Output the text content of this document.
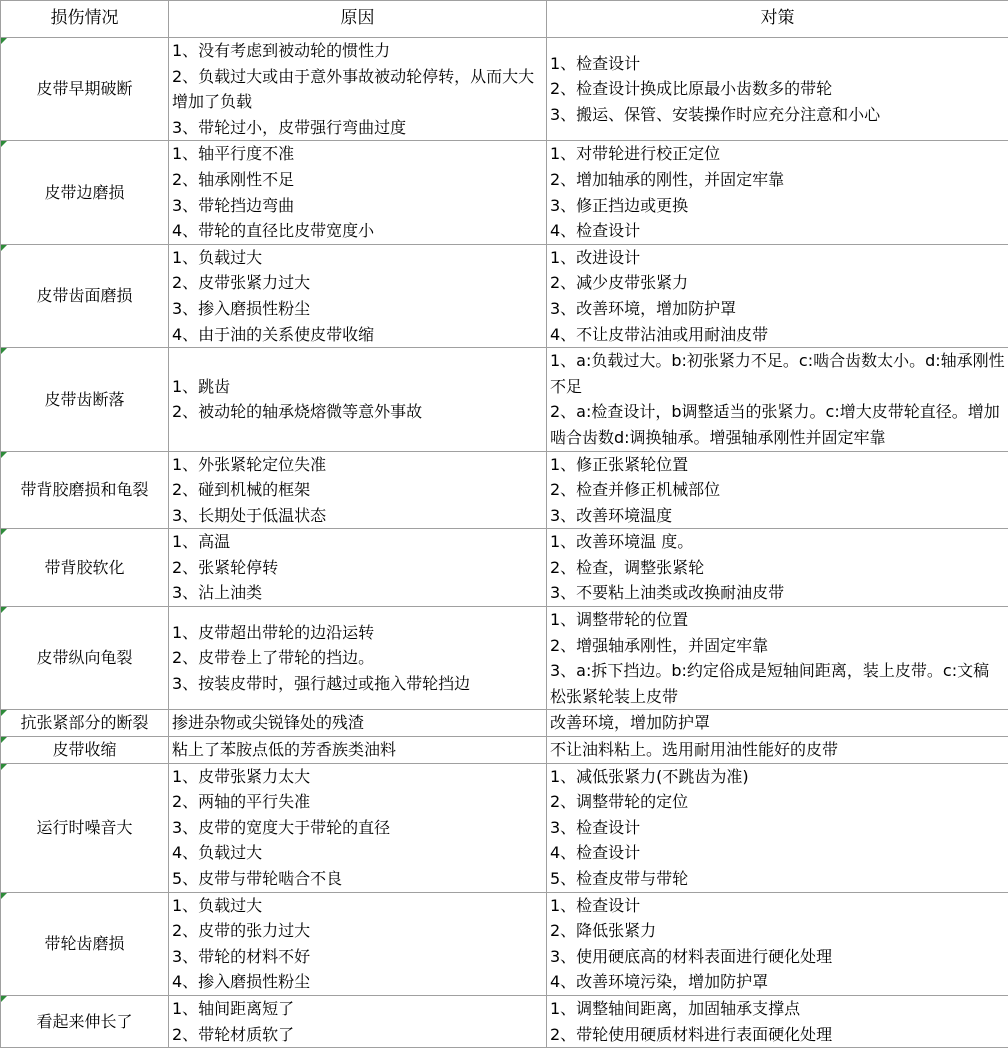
损伤情况	原因	对策
皮带早期破断	1、没有考虑到被动轮的惯性力
2、负载过大或由于意外事故被动轮停转，从而大大增加了负载
3、带轮过小，皮带强行弯曲过度	1、检查设计
2、检查设计换成比原最小齿数多的带轮
3、搬运、保管、安装操作时应充分注意和小心

皮带边磨损	1、轴平行度不准
2、轴承刚性不足
3、带轮挡边弯曲
4、带轮的直径比皮带宽度小	1、对带轮进行校正定位
2、增加轴承的刚性，并固定牢靠
3、修正挡边或更换
4、检查设计

皮带齿面磨损	1、负载过大
2、皮带张紧力过大
3、掺入磨损性粉尘
4、由于油的关系使皮带收缩	1、改进设计
2、减少皮带张紧力
3、改善环境，增加防护罩
4、不让皮带沾油或用耐油皮带

皮带齿断落	1、跳齿
2、被动轮的轴承烧熔微等意外事故	1、a:负载过大。b:初张紧力不足。c:啮合齿数太小。d:轴承刚性不足
2、a:检查设计，b调整适当的张紧力。c:增大皮带轮直径。增加啮合齿数d:调换轴承。增强轴承刚性并固定牢靠

带背胶磨损和龟裂	1、外张紧轮定位失准
2、碰到机械的框架
3、长期处于低温状态	1、修正张紧轮位置
2、检查并修正机械部位
3、改善环境温度

带背胶软化	1、高温
2、张紧轮停转
3、沾上油类	1、改善环境温 度。
2、检查，调整张紧轮
3、不要粘上油类或改换耐油皮带

皮带纵向龟裂	1、皮带超出带轮的边沿运转
2、皮带卷上了带轮的挡边。
3、按装皮带时，强行越过或拖入带轮挡边	1、调整带轮的位置
2、增强轴承刚性，并固定牢靠
3、a:拆下挡边。b:约定俗成是短轴间距离，装上皮带。c:文稿松张紧轮装上皮带

抗张紧部分的断裂	掺进杂物或尖锐锋处的残渣	改善环境，增加防护罩

皮带收缩	粘上了苯胺点低的芳香族类油料	不让油料粘上。选用耐用油性能好的皮带

运行时噪音大	1、皮带张紧力太大
2、两轴的平行失准
3、皮带的宽度大于带轮的直径
4、负载过大
5、皮带与带轮啮合不良	1、减低张紧力(不跳齿为准)
2、调整带轮的定位
3、检查设计
4、检查设计
5、检查皮带与带轮

带轮齿磨损	1、负载过大
2、皮带的张力过大
3、带轮的材料不好
4、掺入磨损性粉尘	1、检查设计
2、降低张紧力
3、使用硬底高的材料表面进行硬化处理
4、改善环境污染，增加防护罩

看起来伸长了	1、轴间距离短了
2、带轮材质软了	1、调整轴间距离，加固轴承支撑点
2、带轮使用硬质材料进行表面硬化处理
